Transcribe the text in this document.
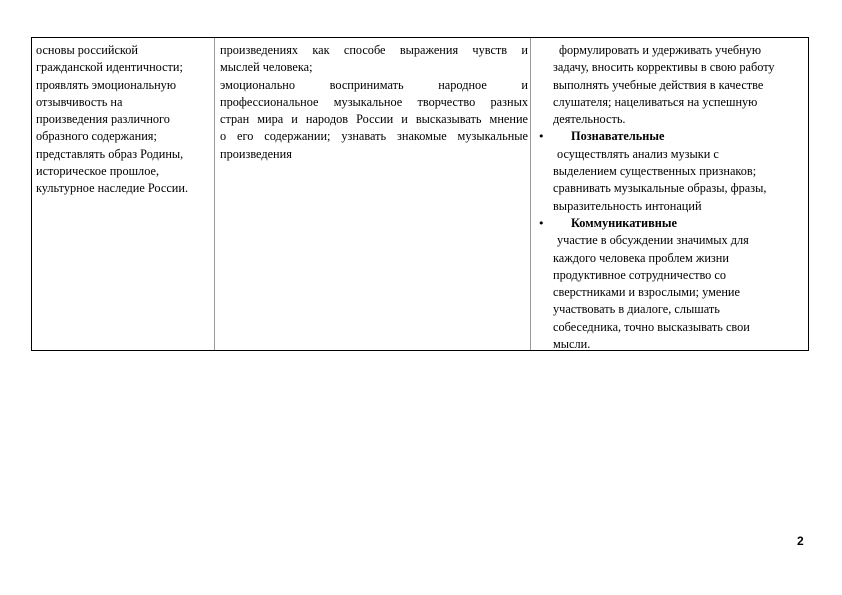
основы российской
гражданской идентичности;
проявлять эмоциональную
отзывчивость на
произведения различного
образного содержания;
представлять образ Родины,
историческое прошлое,
культурное наследие России.
произведениях как способе выражения чувств и
мыслей человека;
эмоционально воспринимать народное и
профессиональное музыкальное творчество разных
стран мира и народов России и высказывать мнение
о его содержании; узнавать знакомые музыкальные
произведения
формулировать и удерживать учебную
задачу, вносить коррективы в свою работу
выполнять учебные действия в качестве
слушателя; нацеливаться на успешную
деятельность.
•	Познавательные
осуществлять анализ музыки с
выделением существенных признаков;
сравнивать музыкальные образы, фразы,
выразительность интонаций
•	Коммуникативные
участие в обсуждении значимых для
каждого человека проблем жизни
продуктивное сотрудничество со
сверстниками и взрослыми; умение
участвовать в диалоге, слышать
собеседника, точно высказывать свои
мысли.
2
